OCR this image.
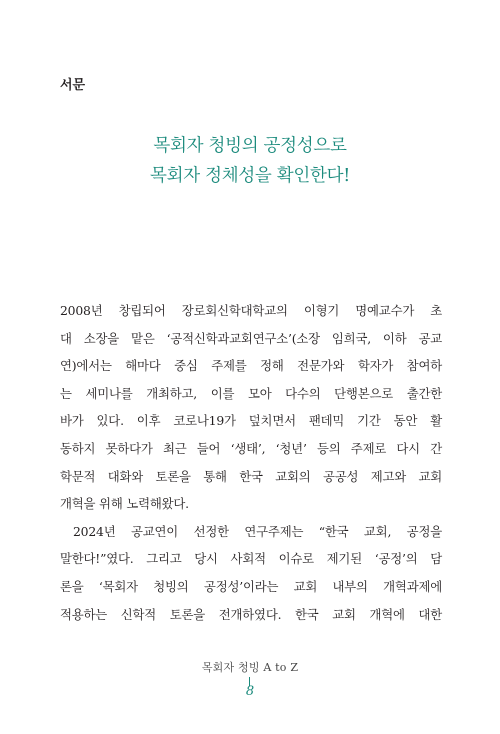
서문
목회자 청빙의 공정성으로
목회자 정체성을 확인한다!
2008년 창립되어 장로회신학대학교의 이형기 명예교수가 초
대 소장을 맡은 ‘공적신학과교회연구소’(소장 임희국, 이하 공교
연)에서는 해마다 중심 주제를 정해 전문가와 학자가 참여하
는 세미나를 개최하고, 이를 모아 다수의 단행본으로 출간한
바가 있다. 이후 코로나19가 덮치면서 팬데믹 기간 동안 활
동하지 못하다가 최근 들어 ‘생태’, ‘청년’ 등의 주제로 다시 간
학문적 대화와 토론을 통해 한국 교회의 공공성 제고와 교회
개혁을 위해 노력해왔다.
2024년 공교연이 선정한 연구주제는 “한국 교회, 공정을
말한다!”였다. 그리고 당시 사회적 이슈로 제기된 ‘공정’의 담
론을 ‘목회자 청빙의 공정성’이라는 교회 내부의 개혁과제에
적용하는 신학적 토론을 전개하였다. 한국 교회 개혁에 대한
목회자 청빙 A to Z
8
